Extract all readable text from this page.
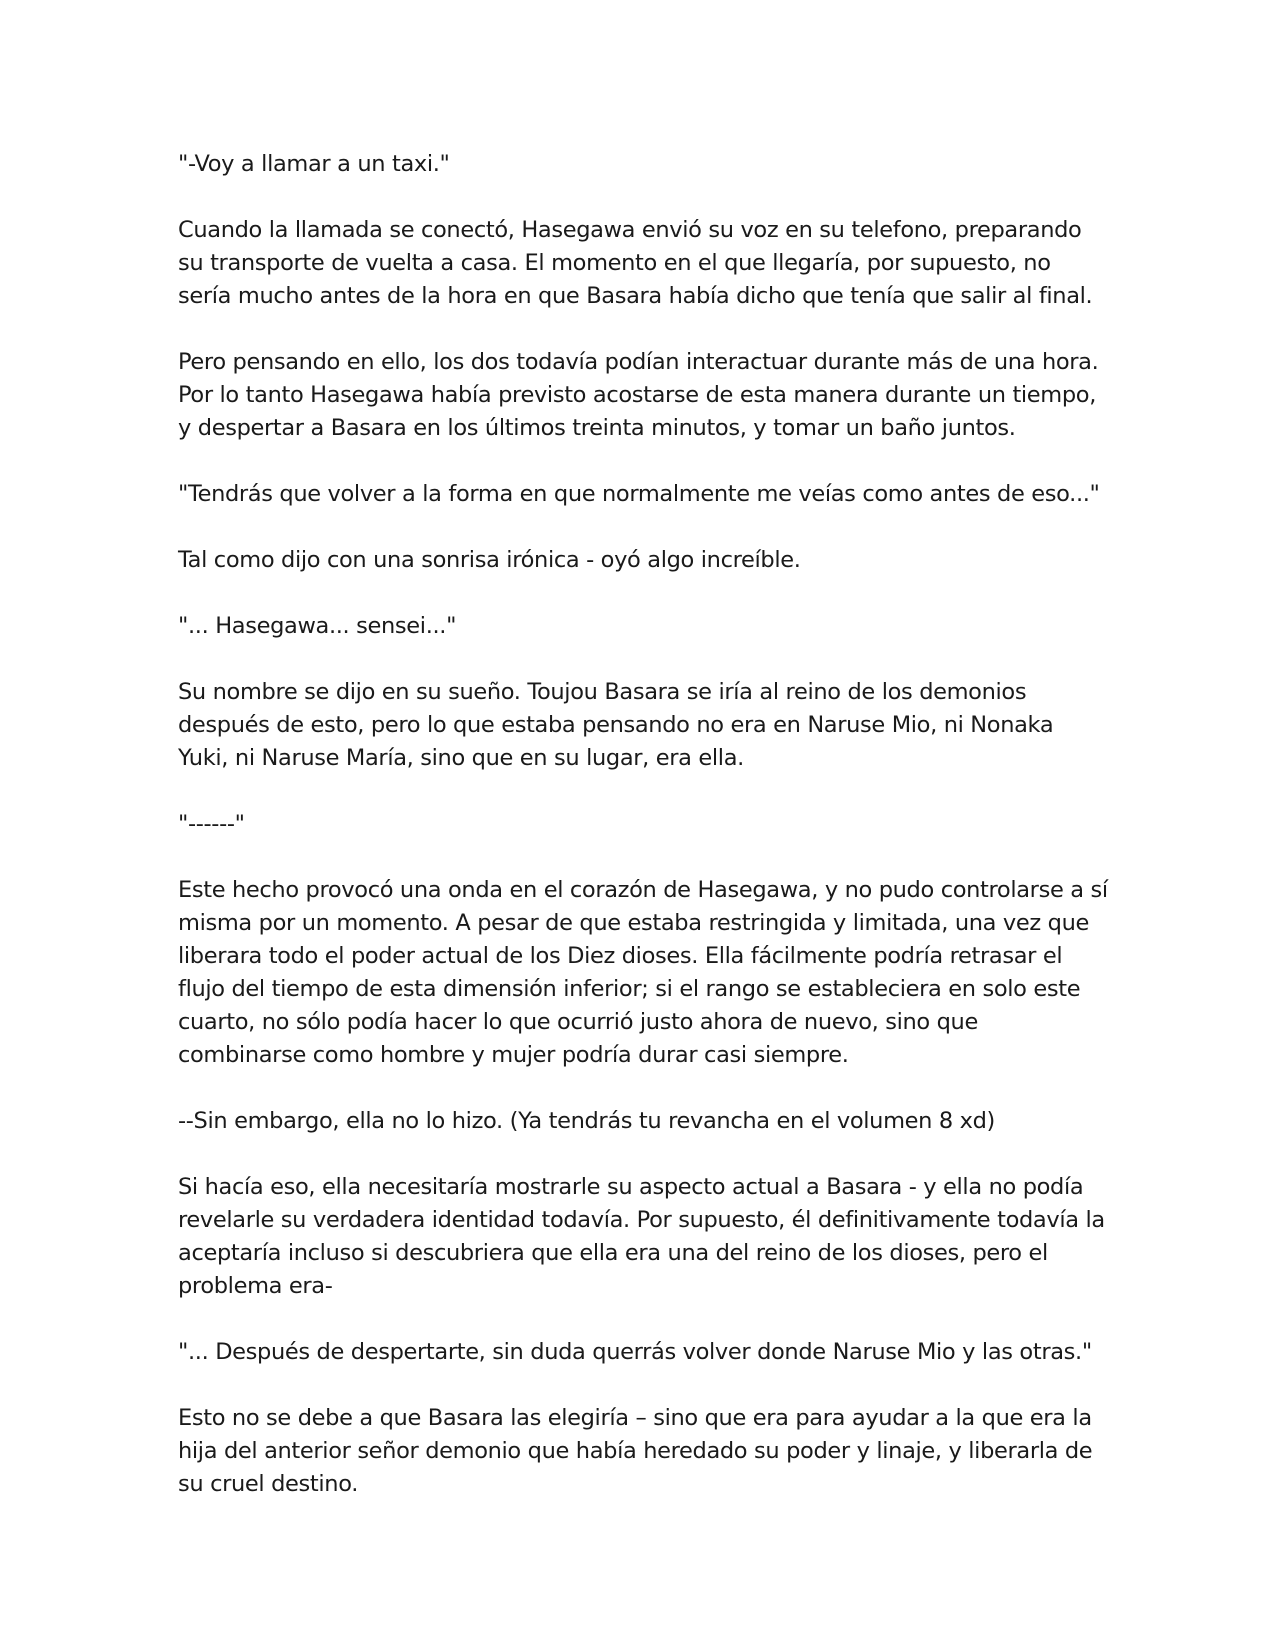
"-Voy a llamar a un taxi."

Cuando la llamada se conectó, Hasegawa envió su voz en su telefono, preparando su transporte de vuelta a casa. El momento en el que llegaría, por supuesto, no sería mucho antes de la hora en que Basara había dicho que tenía que salir al final.

Pero pensando en ello, los dos todavía podían interactuar durante más de una hora. Por lo tanto Hasegawa había previsto acostarse de esta manera durante un tiempo, y despertar a Basara en los últimos treinta minutos, y tomar un baño juntos.

"Tendrás que volver a la forma en que normalmente me veías como antes de eso..."

Tal como dijo con una sonrisa irónica - oyó algo increíble.

"... Hasegawa... sensei..."

Su nombre se dijo en su sueño. Toujou Basara se iría al reino de los demonios después de esto, pero lo que estaba pensando no era en Naruse Mio, ni Nonaka Yuki, ni Naruse María, sino que en su lugar, era ella.

"------"

Este hecho provocó una onda en el corazón de Hasegawa, y no pudo controlarse a sí misma por un momento. A pesar de que estaba restringida y limitada, una vez que liberara todo el poder actual de los Diez dioses. Ella fácilmente podría retrasar el flujo del tiempo de esta dimensión inferior; si el rango se estableciera en solo este cuarto, no sólo podía hacer lo que ocurrió justo ahora de nuevo, sino que combinarse como hombre y mujer podría durar casi siempre.

--Sin embargo, ella no lo hizo. (Ya tendrás tu revancha en el volumen 8 xd)

Si hacía eso, ella necesitaría mostrarle su aspecto actual a Basara - y ella no podía revelarle su verdadera identidad todavía. Por supuesto, él definitivamente todavía la aceptaría incluso si descubriera que ella era una del reino de los dioses, pero el problema era-

"... Después de despertarte, sin duda querrás volver donde Naruse Mio y las otras."

Esto no se debe a que Basara las elegiría – sino que era para ayudar a la que era la hija del anterior señor demonio que había heredado su poder y linaje, y liberarla de su cruel destino.
